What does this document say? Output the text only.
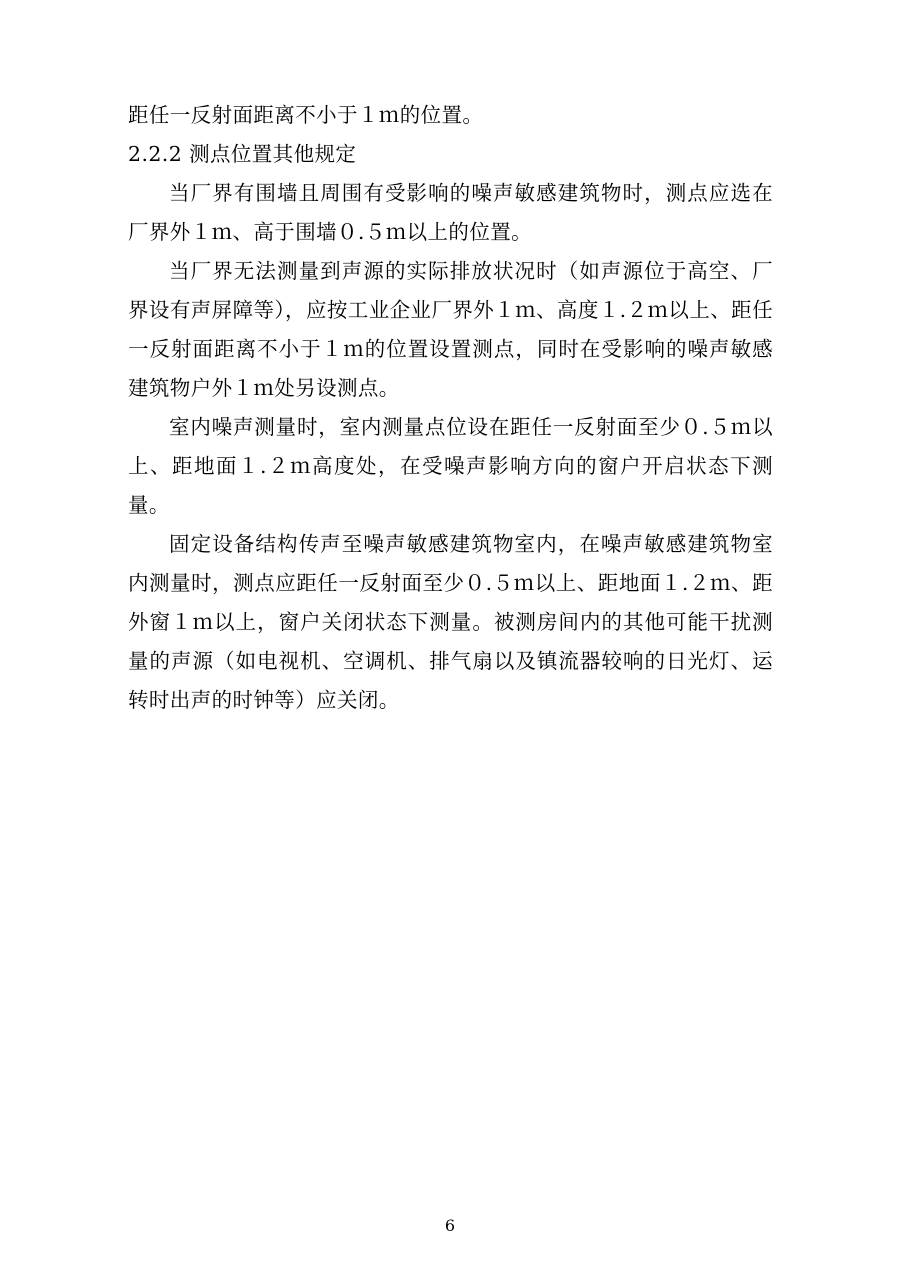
距任一反射面距离不小于１ｍ的位置。

2.2.2 测点位置其他规定

当厂界有围墙且周围有受影响的噪声敏感建筑物时，测点应选在厂界外１ｍ、高于围墙０.５ｍ以上的位置。

当厂界无法测量到声源的实际排放状况时（如声源位于高空、厂界设有声屏障等），应按工业企业厂界外１ｍ、高度１.２ｍ以上、距任一反射面距离不小于１ｍ的位置设置测点，同时在受影响的噪声敏感建筑物户外１ｍ处另设测点。

室内噪声测量时，室内测量点位设在距任一反射面至少０.５ｍ以上、距地面１.２ｍ高度处，在受噪声影响方向的窗户开启状态下测量。

固定设备结构传声至噪声敏感建筑物室内，在噪声敏感建筑物室内测量时，测点应距任一反射面至少０.５ｍ以上、距地面１.２ｍ、距外窗１ｍ以上，窗户关闭状态下测量。被测房间内的其他可能干扰测量的声源（如电视机、空调机、排气扇以及镇流器较响的日光灯、运转时出声的时钟等）应关闭。

6
